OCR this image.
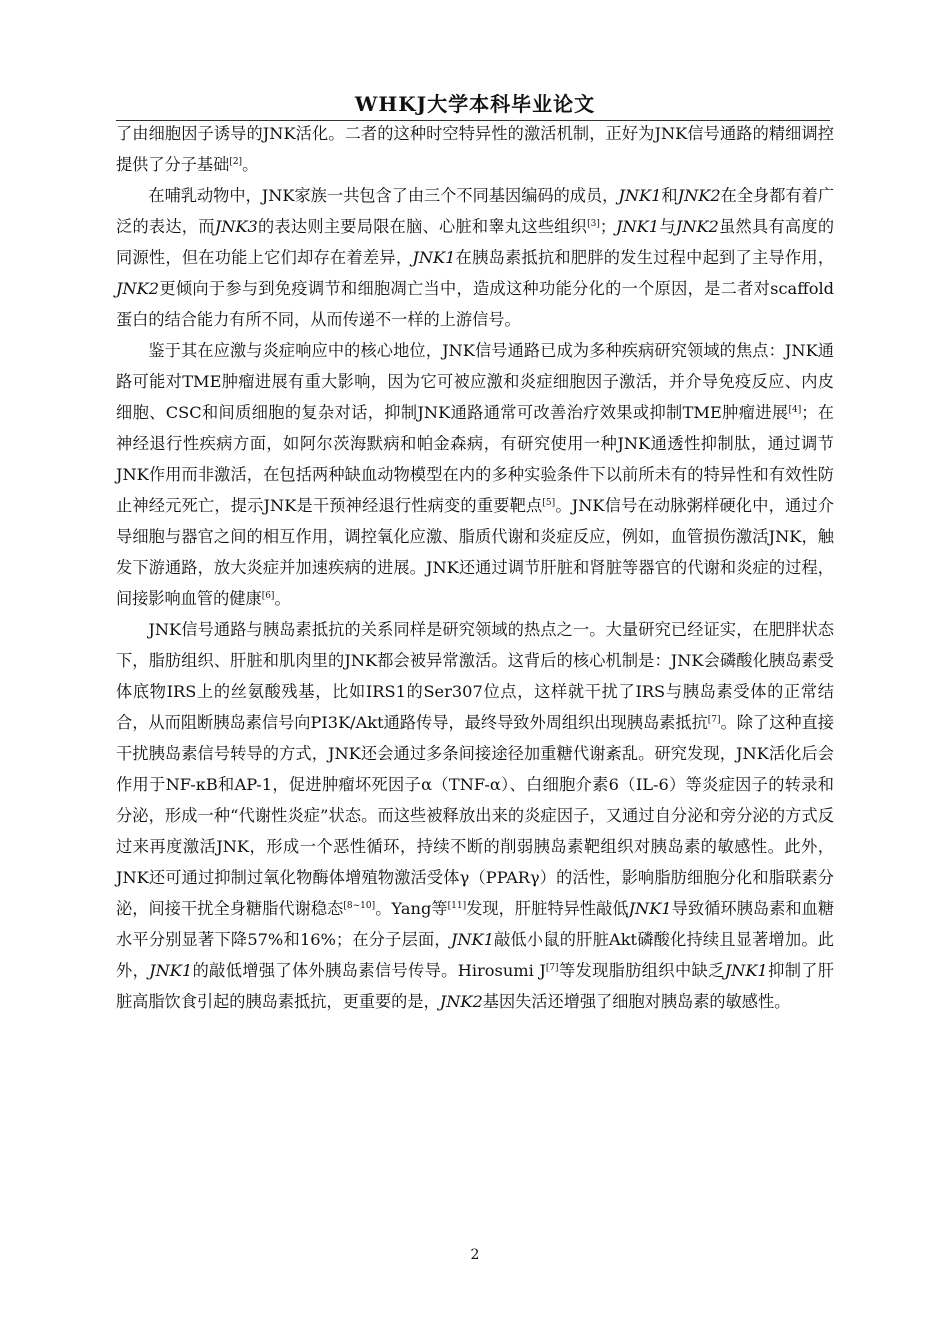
WHKJ大学本科毕业论文

了由细胞因子诱导的JNK活化。二者的这种时空特异性的激活机制，正好为JNK信号通路的精细调控提供了分子基础[2]。

在哺乳动物中，JNK家族一共包含了由三个不同基因编码的成员，JNK1和JNK2在全身都有着广泛的表达，而JNK3的表达则主要局限在脑、心脏和睾丸这些组织[3]；JNK1与JNK2虽然具有高度的同源性，但在功能上它们却存在着差异，JNK1在胰岛素抵抗和肥胖的发生过程中起到了主导作用，JNK2更倾向于参与到免疫调节和细胞凋亡当中，造成这种功能分化的一个原因，是二者对scaffold蛋白的结合能力有所不同，从而传递不一样的上游信号。

鉴于其在应激与炎症响应中的核心地位，JNK信号通路已成为多种疾病研究领域的焦点：JNK通路可能对TME肿瘤进展有重大影响，因为它可被应激和炎症细胞因子激活，并介导免疫反应、内皮细胞、CSC和间质细胞的复杂对话，抑制JNK通路通常可改善治疗效果或抑制TME肿瘤进展[4]；在神经退行性疾病方面，如阿尔茨海默病和帕金森病，有研究使用一种JNK通透性抑制肽，通过调节JNK作用而非激活，在包括两种缺血动物模型在内的多种实验条件下以前所未有的特异性和有效性防止神经元死亡，提示JNK是干预神经退行性病变的重要靶点[5]。JNK信号在动脉粥样硬化中，通过介导细胞与器官之间的相互作用，调控氧化应激、脂质代谢和炎症反应，例如，血管损伤激活JNK，触发下游通路，放大炎症并加速疾病的进展。JNK还通过调节肝脏和肾脏等器官的代谢和炎症的过程，间接影响血管的健康[6]。

JNK信号通路与胰岛素抵抗的关系同样是研究领域的热点之一。大量研究已经证实，在肥胖状态下，脂肪组织、肝脏和肌肉里的JNK都会被异常激活。这背后的核心机制是：JNK会磷酸化胰岛素受体底物IRS上的丝氨酸残基，比如IRS1的Ser307位点，这样就干扰了IRS与胰岛素受体的正常结合，从而阻断胰岛素信号向PI3K/Akt通路传导，最终导致外周组织出现胰岛素抵抗[7]。除了这种直接干扰胰岛素信号转导的方式，JNK还会通过多条间接途径加重糖代谢紊乱。研究发现，JNK活化后会作用于NF-κB和AP-1，促进肿瘤坏死因子α（TNF-α）、白细胞介素6（IL-6）等炎症因子的转录和分泌，形成一种“代谢性炎症”状态。而这些被释放出来的炎症因子，又通过自分泌和旁分泌的方式反过来再度激活JNK，形成一个恶性循环，持续不断的削弱胰岛素靶组织对胰岛素的敏感性。此外，JNK还可通过抑制过氧化物酶体增殖物激活受体γ（PPARγ）的活性，影响脂肪细胞分化和脂联素分泌，间接干扰全身糖脂代谢稳态[8~10]。Yang等[11]发现，肝脏特异性敲低JNK1导致循环胰岛素和血糖水平分别显著下降57%和16%；在分子层面，JNK1敲低小鼠的肝脏Akt磷酸化持续且显著增加。此外，JNK1的敲低增强了体外胰岛素信号传导。Hirosumi J[7]等发现脂肪组织中缺乏JNK1抑制了肝脏高脂饮食引起的胰岛素抵抗，更重要的是，JNK2基因失活还增强了细胞对胰岛素的敏感性。

2
